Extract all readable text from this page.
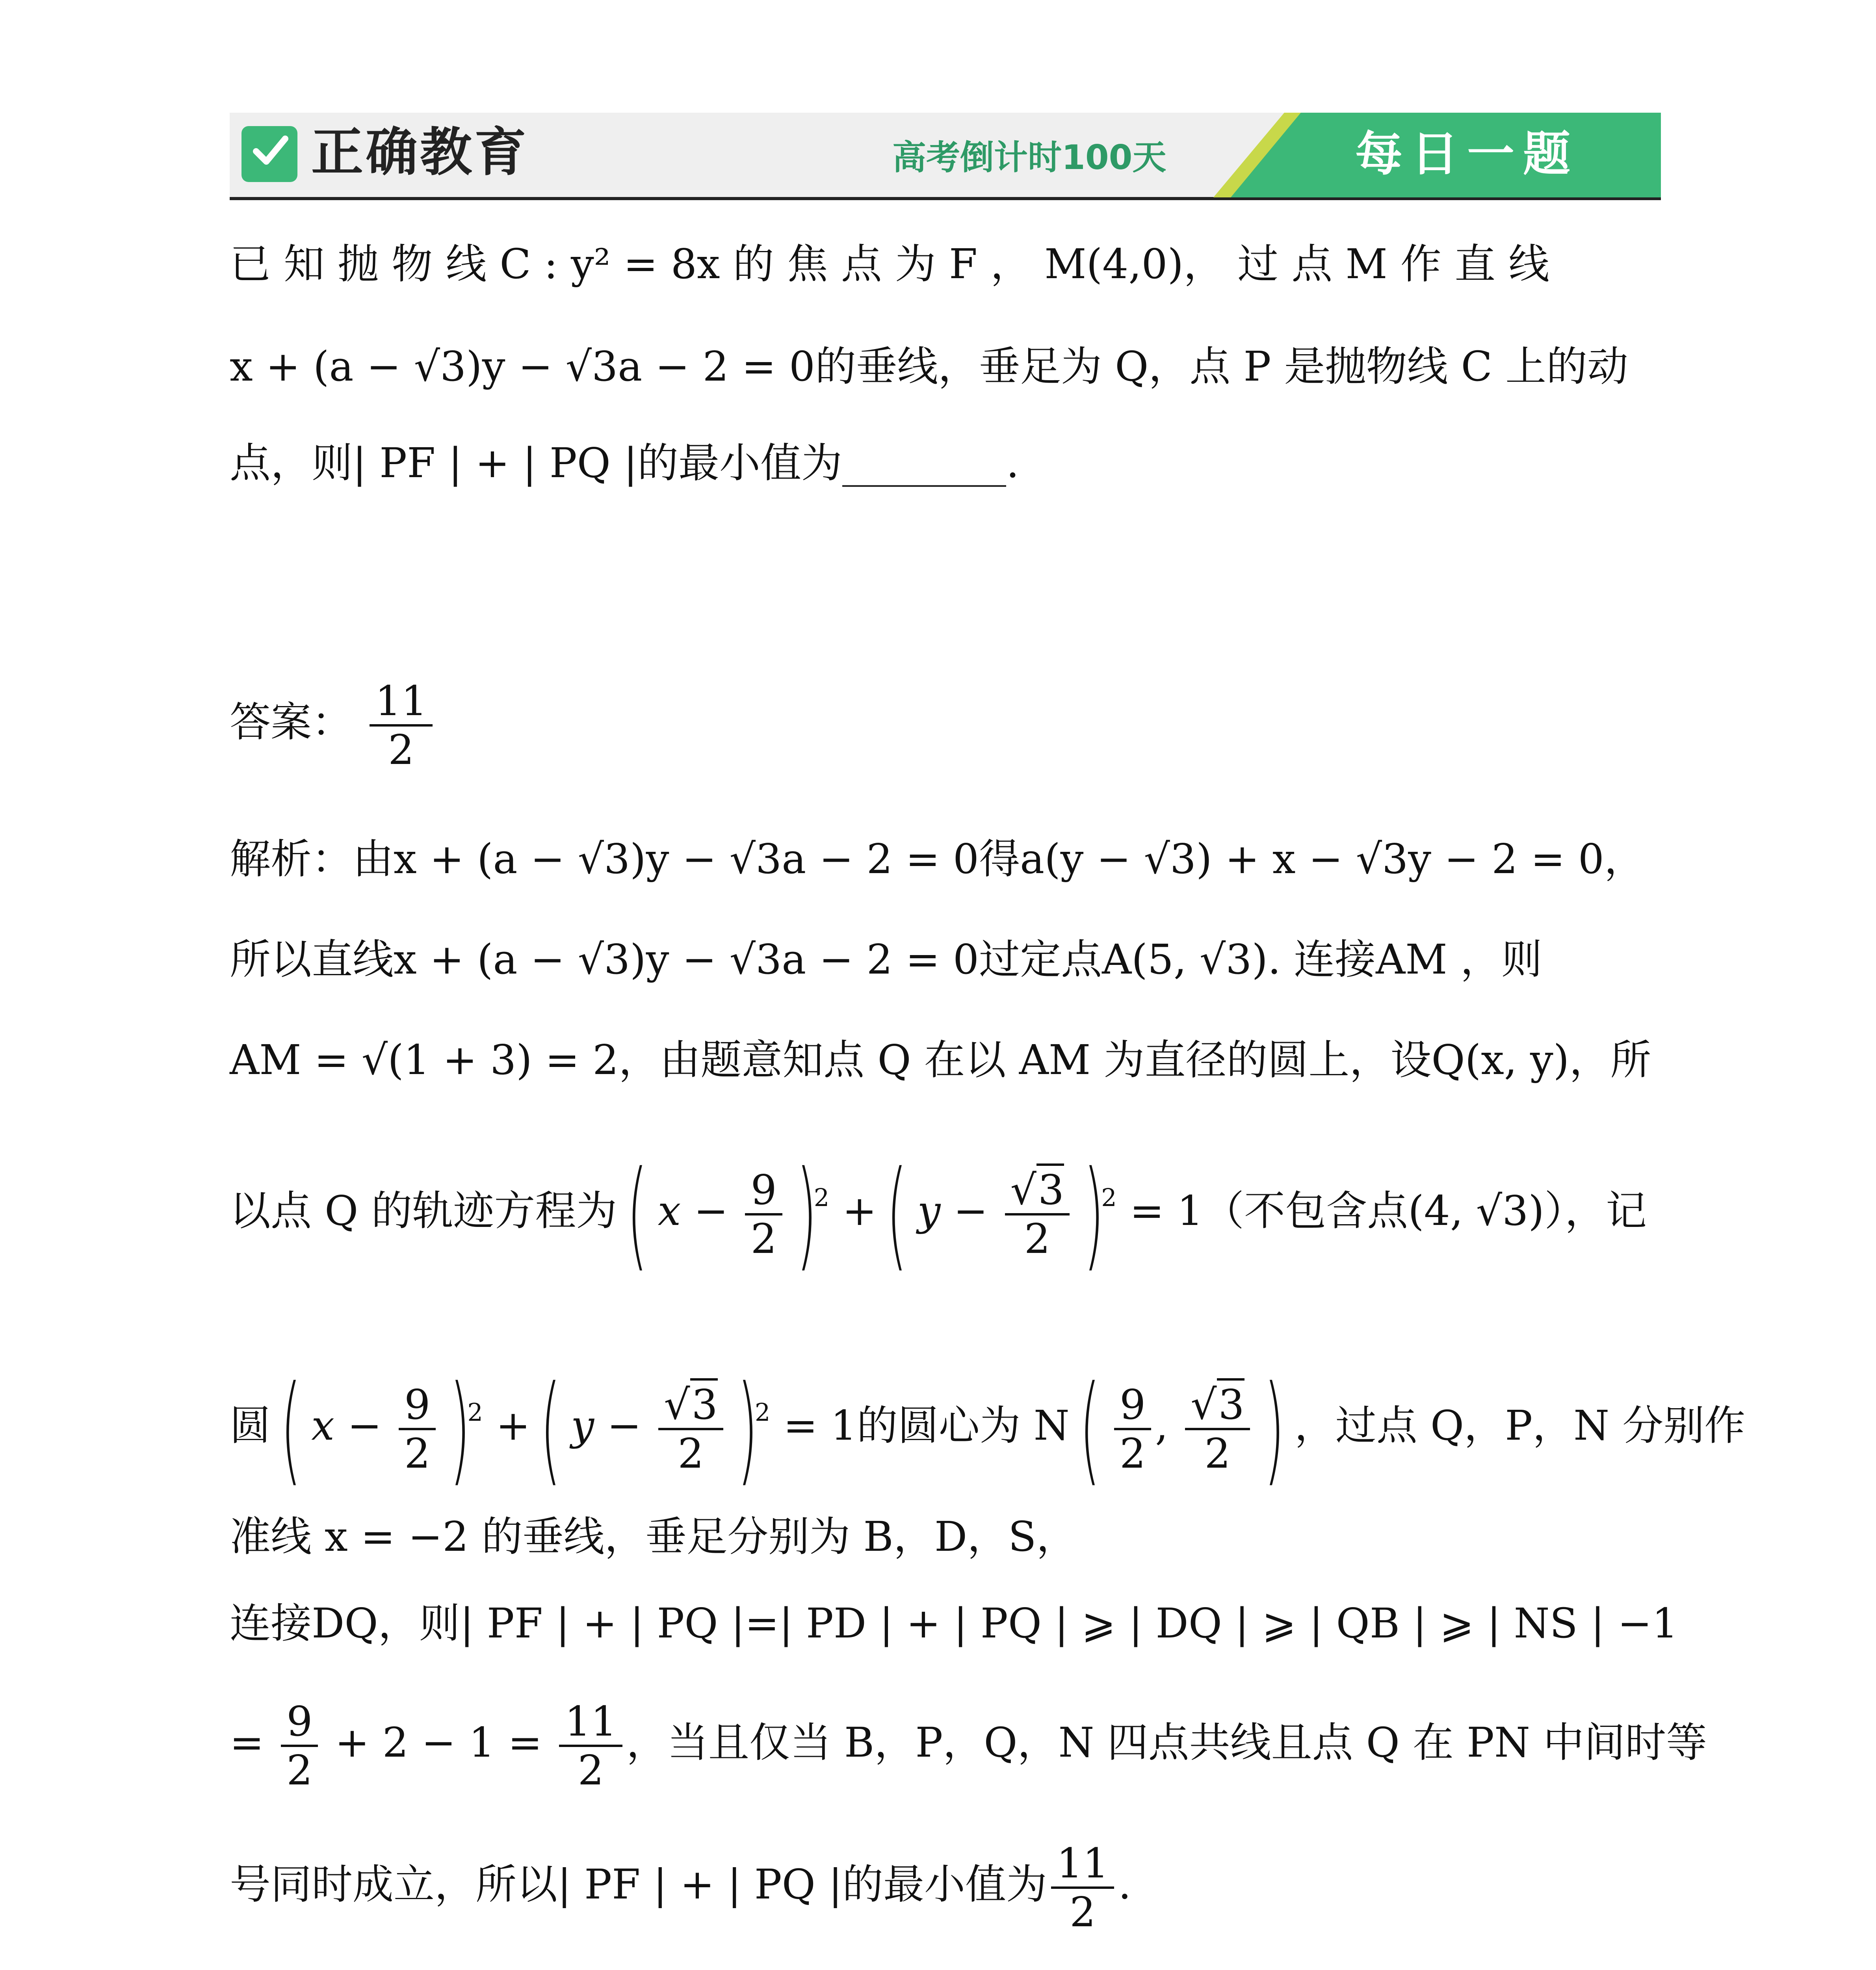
正确教育	高考倒计时100天	每日一题
已 知 抛 物 线 C : y² = 8x 的 焦 点 为 F ， M(4,0)， 过 点 M 作 直 线
x + (a − √3)y − √3a − 2 = 0的垂线，垂足为 Q，点 P 是抛物线 C 上的动
点，则| PF | + | PQ |的最小值为________.
答案： $\frac{11}{2}$
解析：由x + (a − √3)y − √3a − 2 = 0得a(y − √3) + x − √3y − 2 = 0，
所以直线x + (a − √3)y − √3a − 2 = 0过定点A(5, √3). 连接AM ，则
AM = √(1 + 3) = 2，由题意知点 Q 在以 AM 为直径的圆上，设Q(x, y)，所
以点 Q 的轨迹方程为 ( $x - \frac{9}{2} )^2$ + ( $y - \frac{√3}{2} )^2 = 1$（不包含点(4, √3)），记
圆 ( $x - \frac{9}{2} )^2$ + ( $y - \frac{√3}{2} )^2 = 1$的圆心为 N ( $\frac{9}{2}$ , $\frac{√3}{2}$ ) ，过点 Q，P，N 分别作
准线 x = −2 的垂线，垂足分别为 B，D，S，
连接DQ，则| PF | + | PQ |=| PD | + | PQ | ⩾ | DQ | ⩾ | QB | ⩾ | NS | −1
= $\frac{9}{2} + 2 - 1 = \frac{11}{2}$ ，当且仅当 B，P，Q，N 四点共线且点 Q 在 PN 中间时等
号同时成立，所以| PF | + | PQ |的最小值为 $\frac{11}{2}$ .
